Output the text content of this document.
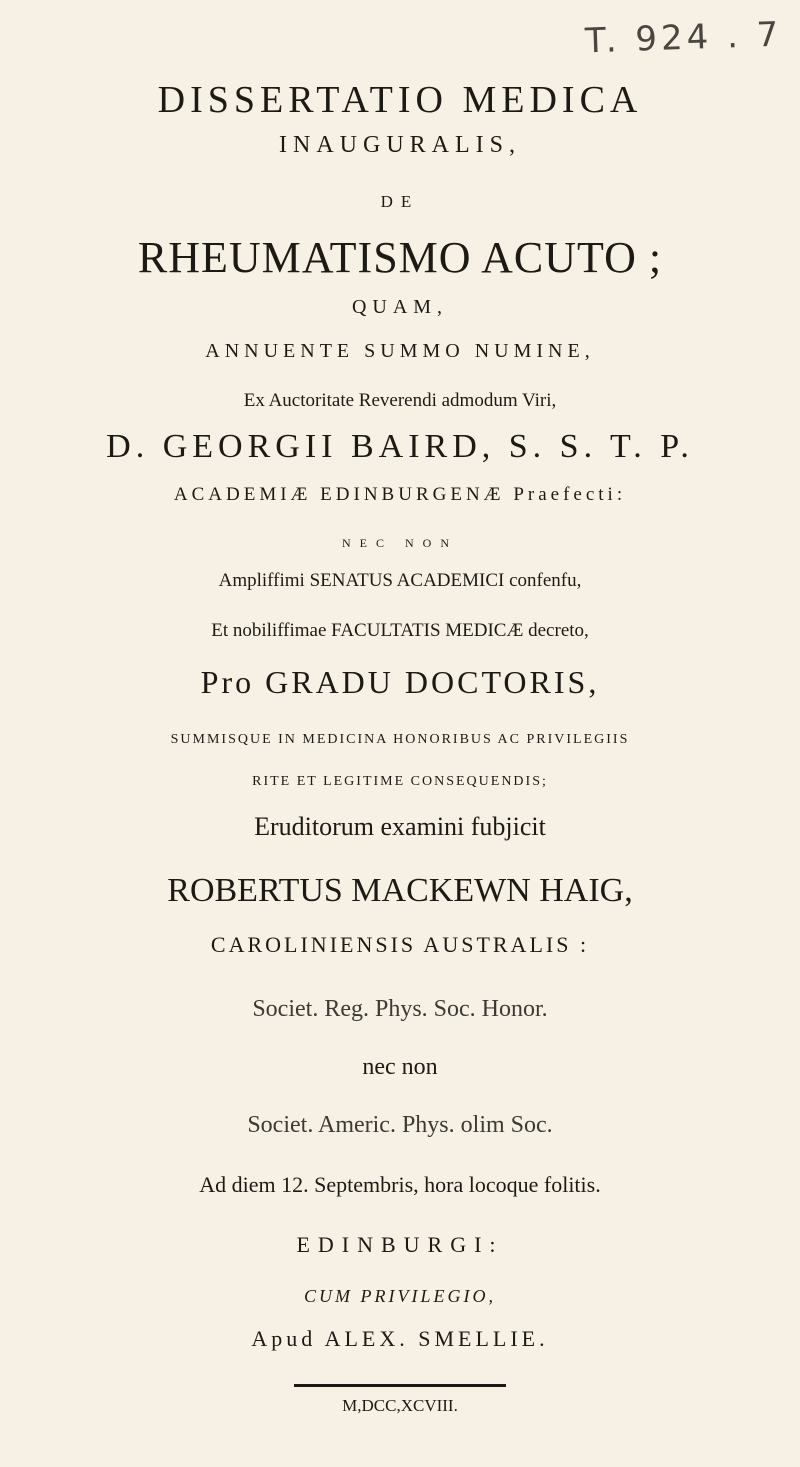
T. 924 . 7
DISSERTATIO MEDICA
INAUGURALIS,
DE
RHEUMATISMO ACUTO ;
QUAM,
ANNUENTE SUMMO NUMINE,
Ex Auctoritate Reverendi admodum Viri,
D. GEORGII BAIRD, S. S. T. P.
ACADEMIÆ EDINBURGENÆ Praefecti:
NEC NON
Ampliffimi SENATUS ACADEMICI confenfu,
Et nobiliffimae FACULTATIS MEDICÆ decreto,
Pro GRADU DOCTORIS,
SUMMISQUE IN MEDICINA HONORIBUS AC PRIVILEGIIS
RITE ET LEGITIME CONSEQUENDIS;
Eruditorum examini fubjicit
ROBERTUS MACKEWN HAIG,
CAROLINIENSIS AUSTRALIS :
Societ. Reg. Phys. Soc. Honor.
nec non
Societ. Americ. Phys. olim Soc.
Ad diem 12. Septembris, hora locoque folitis.
EDINBURGI:
CUM PRIVILEGIO,
Apud ALEX. SMELLIE.
M,DCC,XCVIII.
